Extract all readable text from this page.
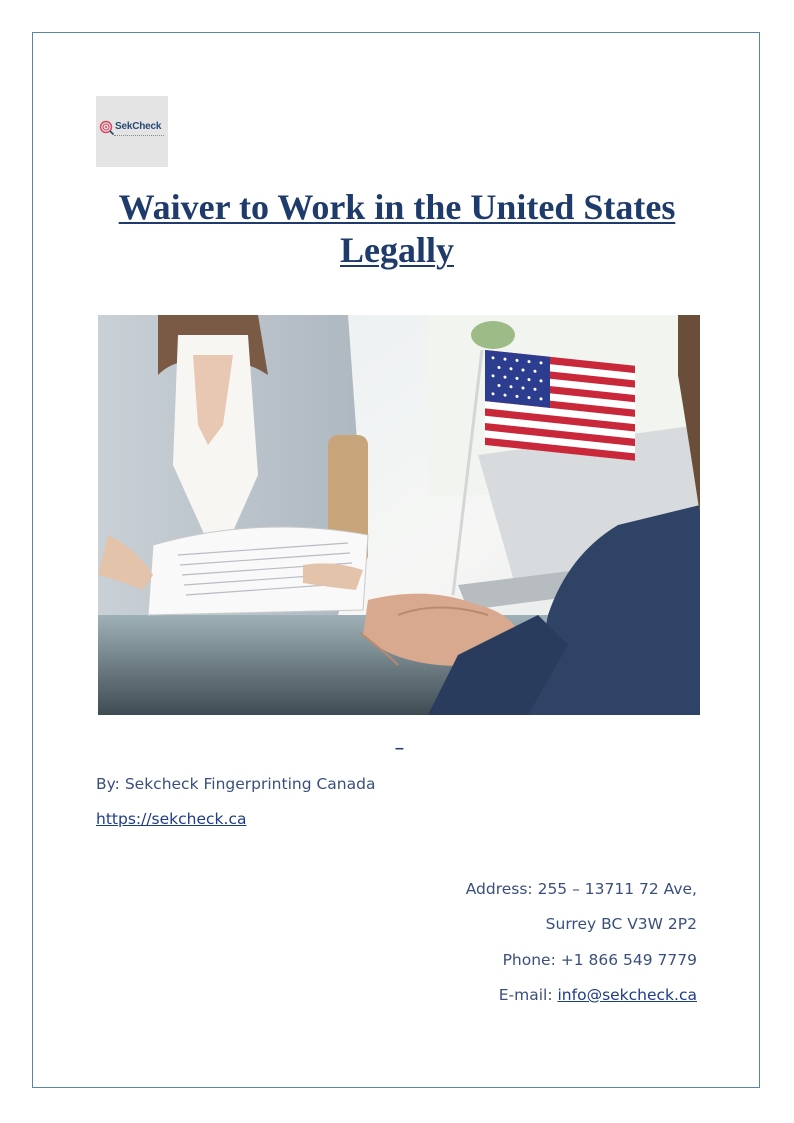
SekCheck
Waiver to Work in the United States
Legally
–
By: Sekcheck Fingerprinting Canada
https://sekcheck.ca
Address: 255 – 13711 72 Ave,
Surrey BC V3W 2P2
Phone: +1 866 549 7779
E-mail: info@sekcheck.ca
